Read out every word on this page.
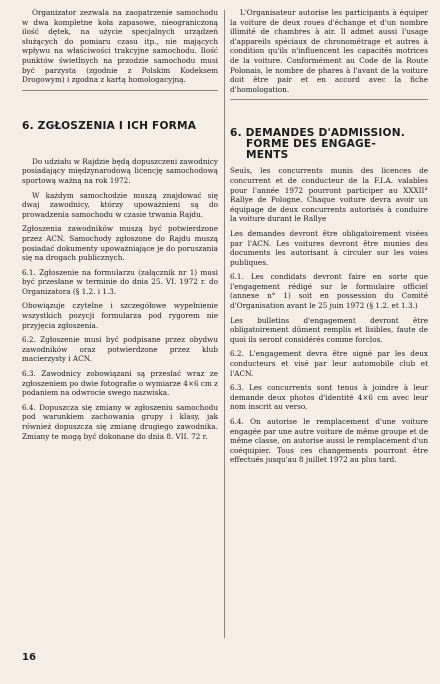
Organizator zezwala na zaopatrzenie samochodu w dwa kompletne koła zapasowe, nieograniczoną ilość dętek, na użycie specjalnych urządzeń służących do pomiaru czasu itp., nie mających wpływu na właściwości trakcyjne samochodu. Ilość punktów świetlnych na przodzie samochodu musi być parzysta (zgodnie z Polskim Kodeksem Drogowym) i zgodna z kartą homologacyjną.

6. ZGŁOSZENIA I ICH FORMA

Do udziału w Rajdzie będą dopuszczeni zawodnicy posiadający międzynarodową licencję samochodową sportową ważną na rok 1972.

W każdym samochodzie muszą znajdować się dwaj zawodnicy, którzy upoważnieni są do prowadzenia samochodu w czasie trwania Rajdu.

Zgłoszenia zawodników muszą być potwierdzone przez ACN. Samochody zgłoszone do Rajdu muszą posiadać dokumenty upoważniające je do poruszania się na drogach publicznych.

6.1. Zgłoszenie na formularzu (załącznik nr 1) musi być przesłane w terminie do dnia 25. VI. 1972 r. do Organizatora (§ 1.2. i 1.3.

Obowiązuje czytelne i szczegółowe wypełnienie wszystkich pozycji formularza pod rygorem nie przyjęcia zgłoszenia.

6.2. Zgłoszenie musi być podpisane przez obydwu zawodników oraz potwierdzone przez klub macierzysty i ACN.

6.3. Zawodnicy zobowiązani są przesłać wraz ze zgłoszeniem po dwie fotografie o wymiarze 4×6 cm z podaniem na odwrocie swego nazwiska.

6.4. Dopuszcza się zmiany w zgłoszeniu samochodu pod warunkiem zachowania grupy i klasy, jak również dopuszcza się zmianę drugiego zawodnika. Zmiany te mogą być dokonane do dnia 8. VII. 72 r.

L'Organisateur autorise les participants à équiper la voiture de deux roues d'échange et d'un nombre illimité de chambres à air. Il admet aussi l'usage d'appareils spéciaux de chronométrage et autres à condition qu'ils n'influencent les capacités motrices de la voiture. Conformément au Code de la Route Polonais, le nombre de phares à l'avant de la voiture doit être pair et en accord avec la fiche d'homologation.

6. DEMANDES D'ADMISSION.
FORME DES ENGAGE-
MENTS

Seuls, les concurrents munis des licences de concurrent et de conducteur de la F.I.A. valables pour l'année 1972 pourront participer au XXXII° Rallye de Pologne. Chaque voiture devra avoir un équipage de deux concurrents autorisés à conduire la voiture durant le Rallye

Les demandes devront être obligatoirement visées par l'ACN. Les voitures devront être munies des documents les autorisant à circuler sur les voies publiques.

6.1. Les condidats devront faire en sorte que l'engagement rédigé sur le formulaire officiel (annexe n° 1) soit en possession du Comité d'Organisation avant le 25 juin 1972 (§ 1.2. et 1.3.)

Les bulletins d'engagement devront être obligatoirement dûment remplis et lisibles, faute de quoi ils seront considérés comme forclos.

6.2. L'engagement devra être signé par les deux conducteurs et visé par leur automobile club et l'ACN.

6.3. Les concurrents sont tenus à joindre à leur demande deux photos d'identité 4×6 cm avec leur nom inscrit au verso.

6.4. On autorise le remplacement d'une voiture engagée par une autre voiture de même groupe et de même classe, on autorise aussi le remplacement d'un coéquipier. Tous ces changements pourront être effectués jusqu'au 8 juillet 1972 au plus tard.

16
